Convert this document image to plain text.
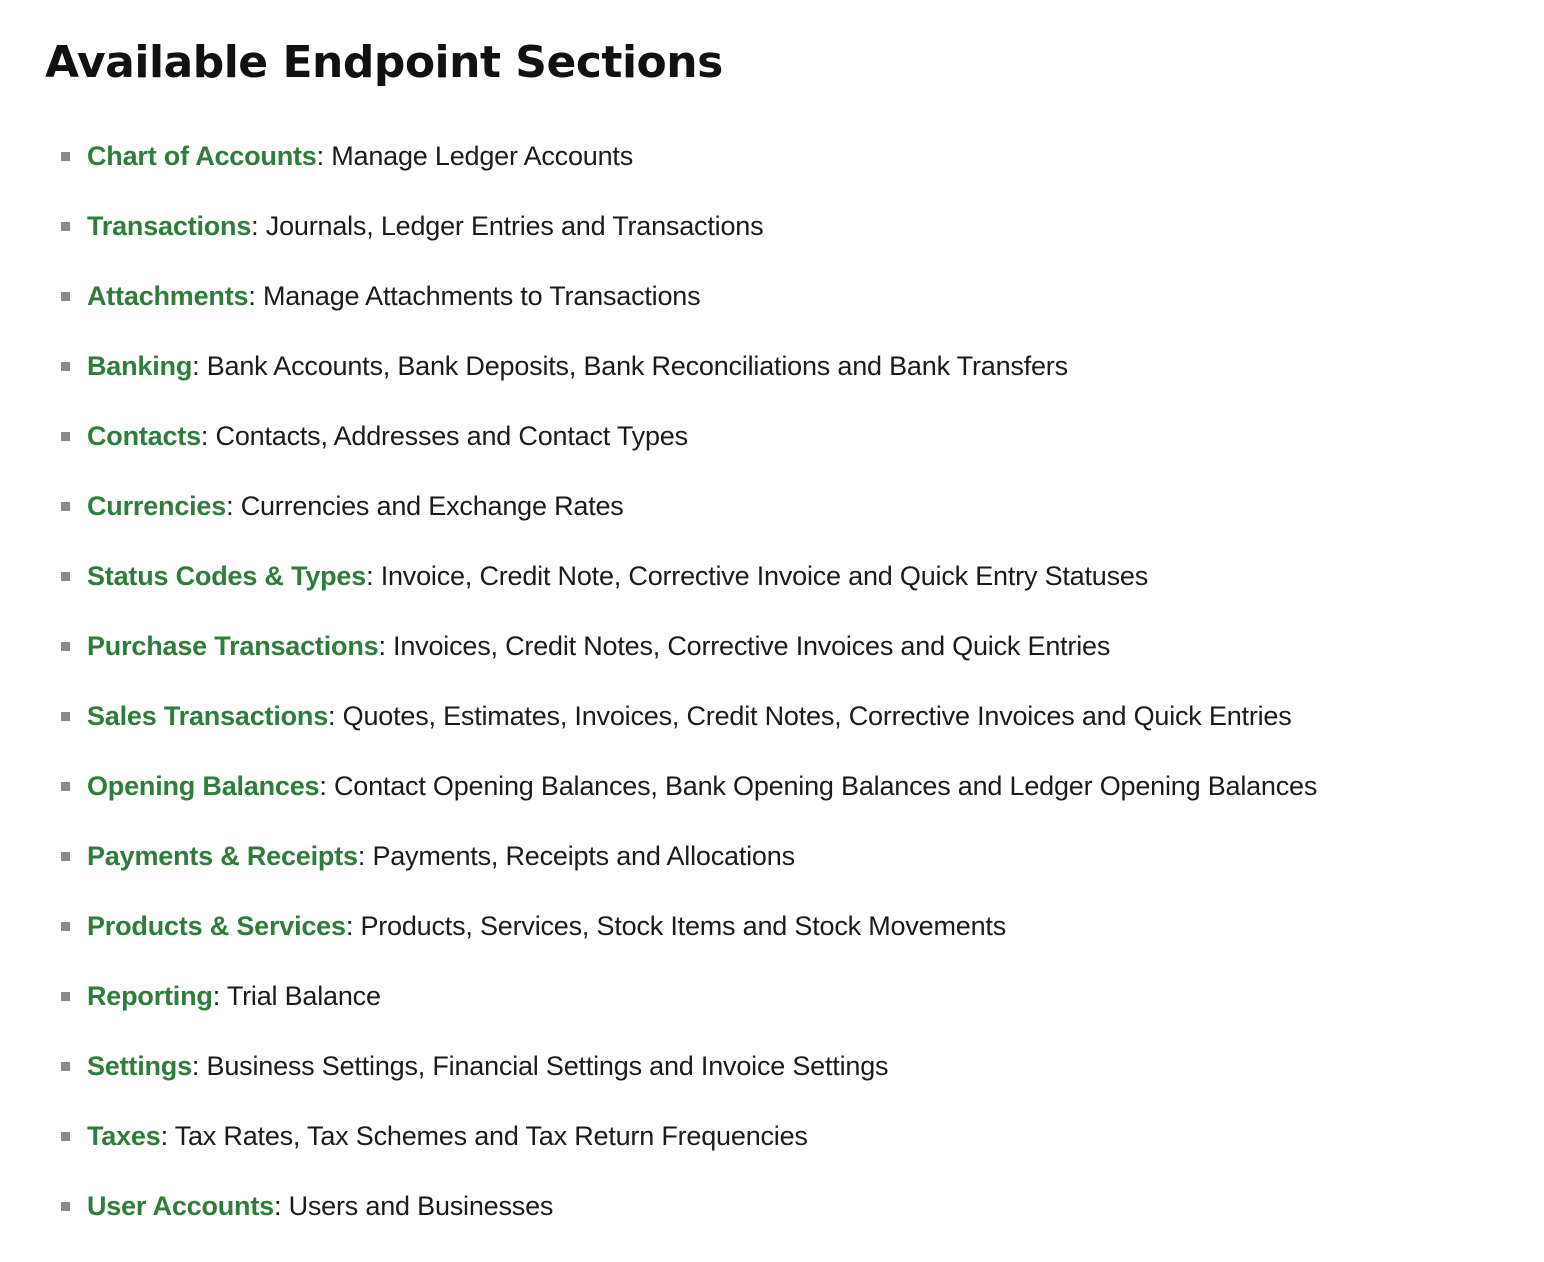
Available Endpoint Sections
Chart of Accounts: Manage Ledger Accounts
Transactions: Journals, Ledger Entries and Transactions
Attachments: Manage Attachments to Transactions
Banking: Bank Accounts, Bank Deposits, Bank Reconciliations and Bank Transfers
Contacts: Contacts, Addresses and Contact Types
Currencies: Currencies and Exchange Rates
Status Codes & Types: Invoice, Credit Note, Corrective Invoice and Quick Entry Statuses
Purchase Transactions: Invoices, Credit Notes, Corrective Invoices and Quick Entries
Sales Transactions: Quotes, Estimates, Invoices, Credit Notes, Corrective Invoices and Quick Entries
Opening Balances: Contact Opening Balances, Bank Opening Balances and Ledger Opening Balances
Payments & Receipts: Payments, Receipts and Allocations
Products & Services: Products, Services, Stock Items and Stock Movements
Reporting: Trial Balance
Settings: Business Settings, Financial Settings and Invoice Settings
Taxes: Tax Rates, Tax Schemes and Tax Return Frequencies
User Accounts: Users and Businesses
